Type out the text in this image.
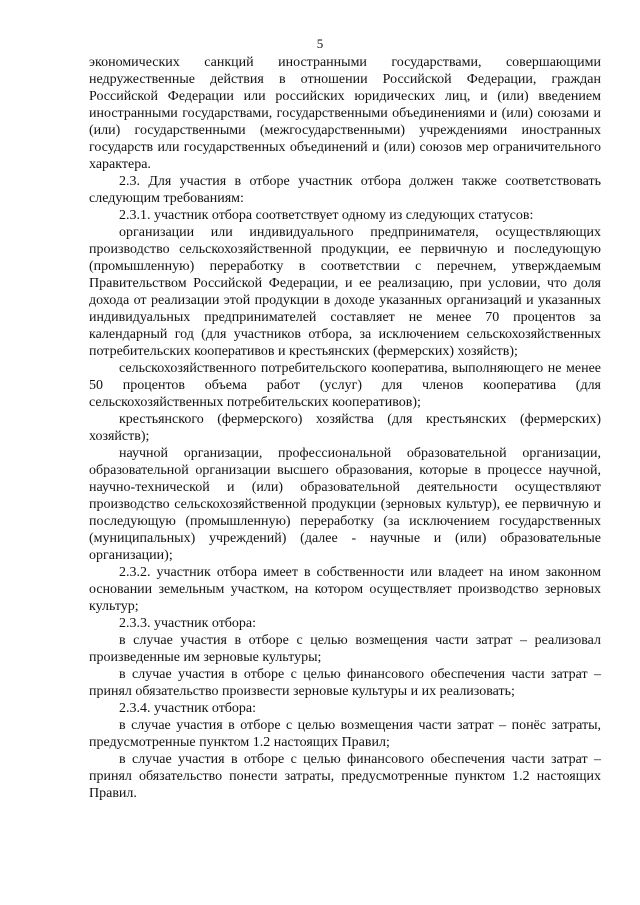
5

экономических санкций иностранными государствами, совершающими недружественные действия в отношении Российской Федерации, граждан Российской Федерации или российских юридических лиц, и (или) введением иностранными государствами, государственными объединениями и (или) союзами и (или) государственными (межгосударственными) учреждениями иностранных государств или государственных объединений и (или) союзов мер ограничительного характера.

2.3. Для участия в отборе участник отбора должен также соответствовать следующим требованиям:

2.3.1. участник отбора соответствует одному из следующих статусов:

организации или индивидуального предпринимателя, осуществляющих производство сельскохозяйственной продукции, ее первичную и последующую (промышленную) переработку в соответствии с перечнем, утверждаемым Правительством Российской Федерации, и ее реализацию, при условии, что доля дохода от реализации этой продукции в доходе указанных организаций и указанных индивидуальных предпринимателей составляет не менее 70 процентов за календарный год (для участников отбора, за исключением сельскохозяйственных потребительских кооперативов и крестьянских (фермерских) хозяйств);

сельскохозяйственного потребительского кооператива, выполняющего не менее 50 процентов объема работ (услуг) для членов кооператива (для сельскохозяйственных потребительских кооперативов);

крестьянского (фермерского) хозяйства (для крестьянских (фермерских) хозяйств);

научной организации, профессиональной образовательной организации, образовательной организации высшего образования, которые в процессе научной, научно-технической и (или) образовательной деятельности осуществляют производство сельскохозяйственной продукции (зерновых культур), ее первичную и последующую (промышленную) переработку (за исключением государственных (муниципальных) учреждений) (далее - научные и (или) образовательные организации);

2.3.2. участник отбора имеет в собственности или владеет на ином законном основании земельным участком, на котором осуществляет производство зерновых культур;

2.3.3. участник отбора:

в случае участия в отборе с целью возмещения части затрат – реализовал произведенные им зерновые культуры;

в случае участия в отборе с целью финансового обеспечения части затрат – принял обязательство произвести зерновые культуры и их реализовать;

2.3.4. участник отбора:

в случае участия в отборе с целью возмещения части затрат – понёс затраты, предусмотренные пунктом 1.2 настоящих Правил;

в случае участия в отборе с целью финансового обеспечения части затрат – принял обязательство понести затраты, предусмотренные пунктом 1.2 настоящих Правил.
